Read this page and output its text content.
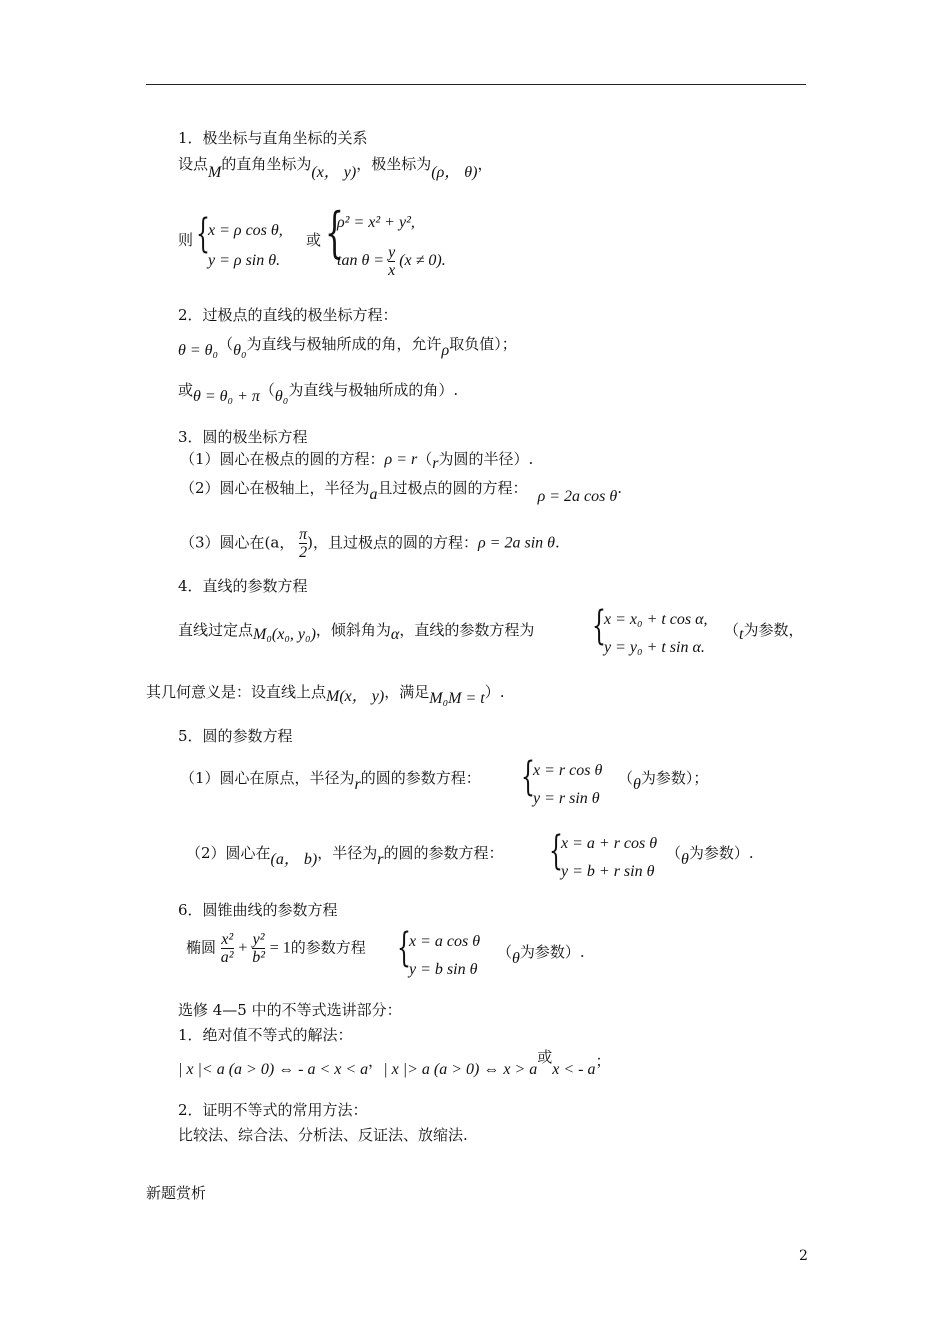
1．极坐标与直角坐标的关系
设点M的直角坐标为(x， y)，极坐标为(ρ， θ)，
则 {
x = ρ cos θ,
y = ρ sin θ.
或 {
ρ² = x² + y²,
$\tan \theta = \frac{y}{x} (x \ne 0)$.
2．过极点的直线的极坐标方程：
θ = θ₀（θ₀为直线与极轴所成的角，允许ρ取负值）；
或θ = θ₀ + π（θ₀为直线与极轴所成的角）.
3．圆的极坐标方程
（1）圆心在极点的圆的方程：ρ = r（r为圆的半径）.
（2）圆心在极轴上，半径为a且过极点的圆的方程： ρ = 2a cos θ.
（3）圆心在(a， $\frac{\pi}{2}$ )，且过极点的圆的方程：ρ = 2a sin θ.
4．直线的参数方程
直线过定点M₀(x₀, y₀)，倾斜角为α，直线的参数方程为 {
x = x₀ + t cos α,
y = y₀ + t sin α.
（t为参数，
其几何意义是：设直线上点M(x， y)，满足M₀M = t）.
5．圆的参数方程
（1）圆心在原点，半径为r的圆的参数方程： {
x = r cos θ
y = r sin θ
（θ为参数）；
（2）圆心在(a， b)，半径为r的圆的参数方程： {
x = a + r cos θ
y = b + r sin θ
（θ为参数）.
6．圆锥曲线的参数方程
椭圆 $\frac{\text{x²}}{\text{a²}} + \frac{\text{y²}}{\text{b²}} = 1$的参数方程 {
x = a cos θ
y = b sin θ
（θ为参数）.
选修 4—5 中的不等式选讲部分：
1．绝对值不等式的解法：
| x |< a (a > 0) ⇔ - a < x < a，| x |> a (a > 0) ⇔ x > a或x < - a；
2．证明不等式的常用方法：
比较法、综合法、分析法、反证法、放缩法.
新题赏析
2
